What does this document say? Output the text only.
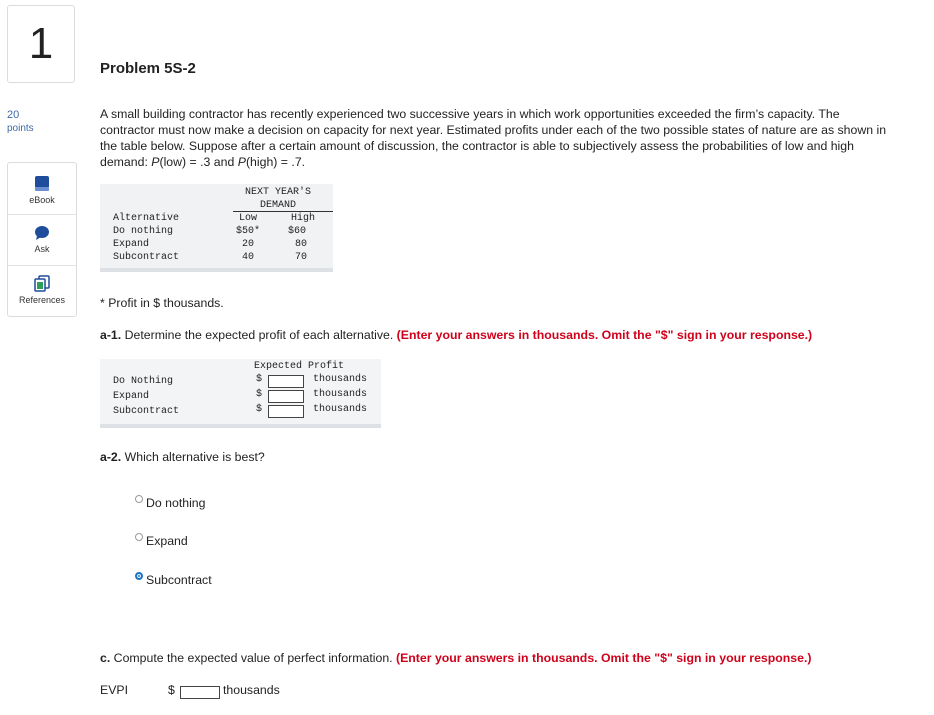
1
20
points
eBook
Ask
References
Problem 5S-2
A small building contractor has recently experienced two successive years in which work opportunities exceeded the firm’s capacity. The contractor must now make a decision on capacity for next year. Estimated profits under each of the two possible states of nature are as shown in the table below. Suppose after a certain amount of discussion, the contractor is able to subjectively assess the probabilities of low and high demand: P(low) = .3 and P(high) = .7.
NEXT YEAR'S
DEMAND
Alternative	Low	High
Do nothing	$50*	$60
Expand	20	80
Subcontract	40	70
* Profit in $ thousands.
a-1. Determine the expected profit of each alternative. (Enter your answers in thousands. Omit the "$" sign in your response.)
Expected Profit
Do Nothing	$	thousands
Expand	$	thousands
Subcontract	$	thousands
a-2. Which alternative is best?
Do nothing
Expand
Subcontract
c. Compute the expected value of perfect information. (Enter your answers in thousands. Omit the "$" sign in your response.)
EVPI	$	thousands
